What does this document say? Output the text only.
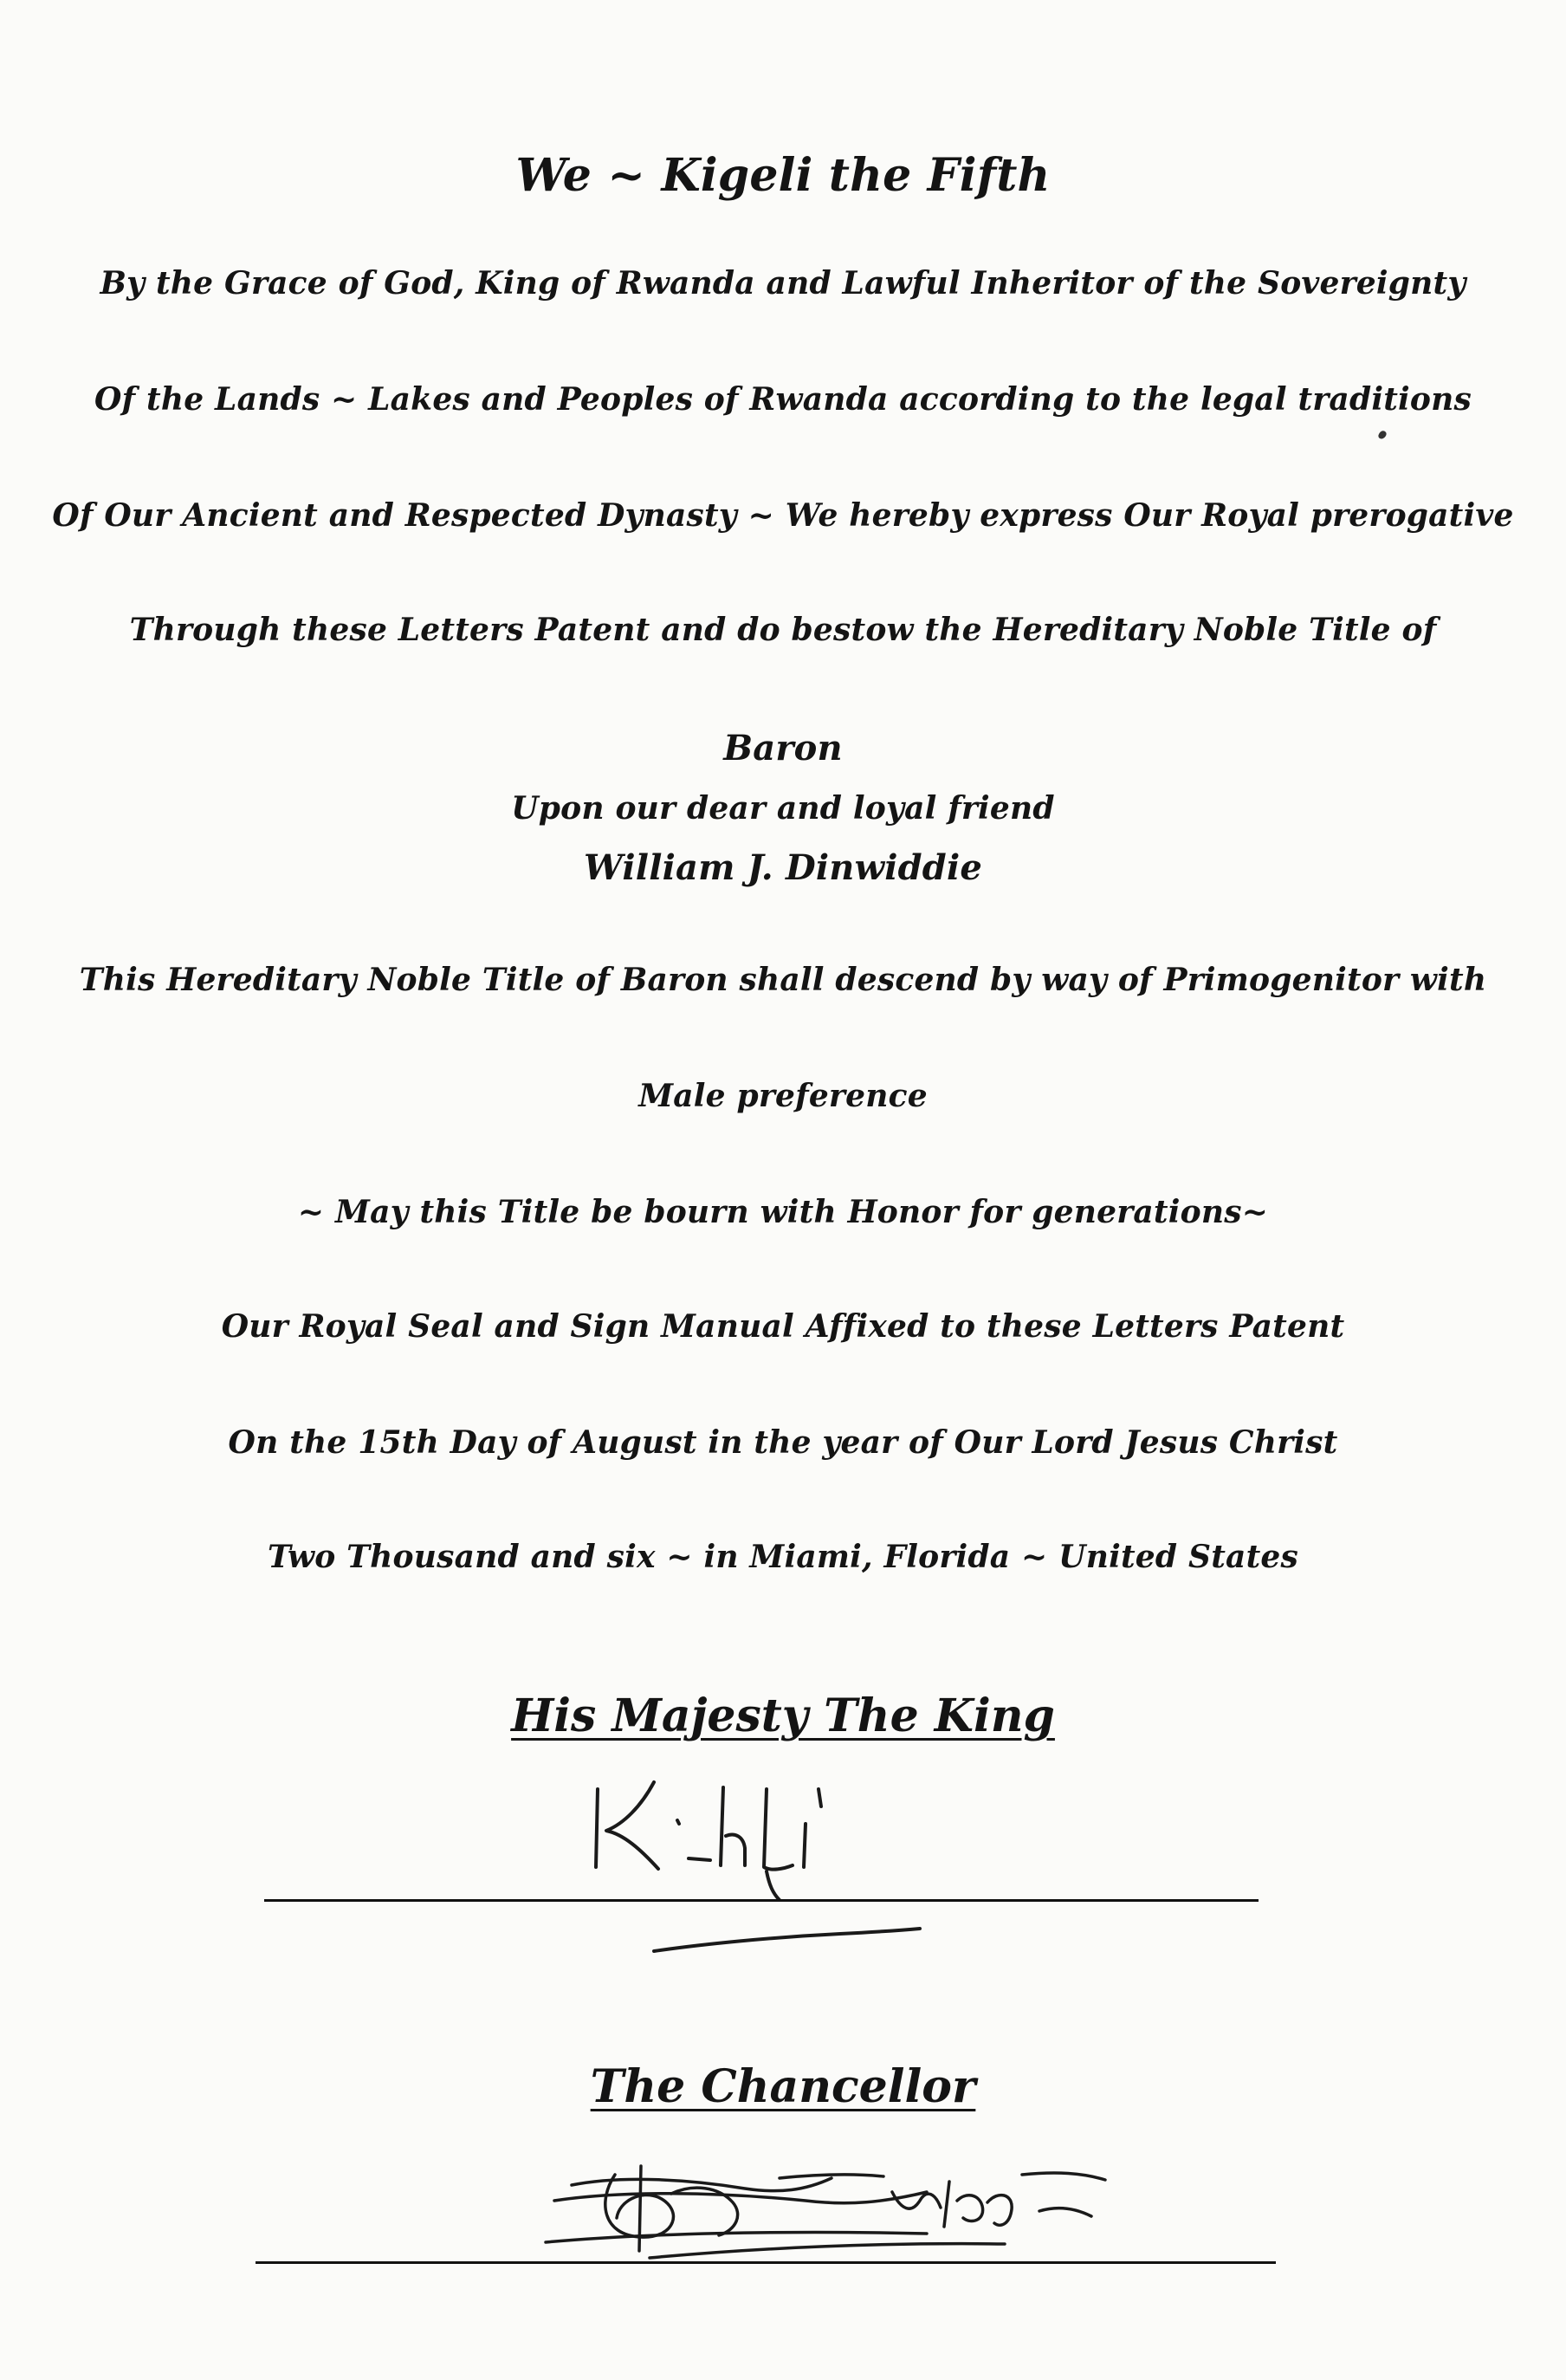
We ~ Kigeli the Fifth
By the Grace of God, King of Rwanda and Lawful Inheritor of the Sovereignty
Of the Lands ~ Lakes and Peoples of Rwanda according to the legal traditions
Of Our Ancient and Respected Dynasty ~ We hereby express Our Royal prerogative
Through these Letters Patent and do bestow the Hereditary Noble Title of
Baron
Upon our dear and loyal friend
William J. Dinwiddie
This Hereditary Noble Title of Baron shall descend by way of Primogenitor with
Male preference
~ May this Title be bourn with Honor for generations~
Our Royal Seal and Sign Manual Affixed to these Letters Patent
On the 15th Day of August in the year of Our Lord Jesus Christ
Two Thousand and six ~ in Miami, Florida ~ United States
His Majesty The King
The Chancellor
